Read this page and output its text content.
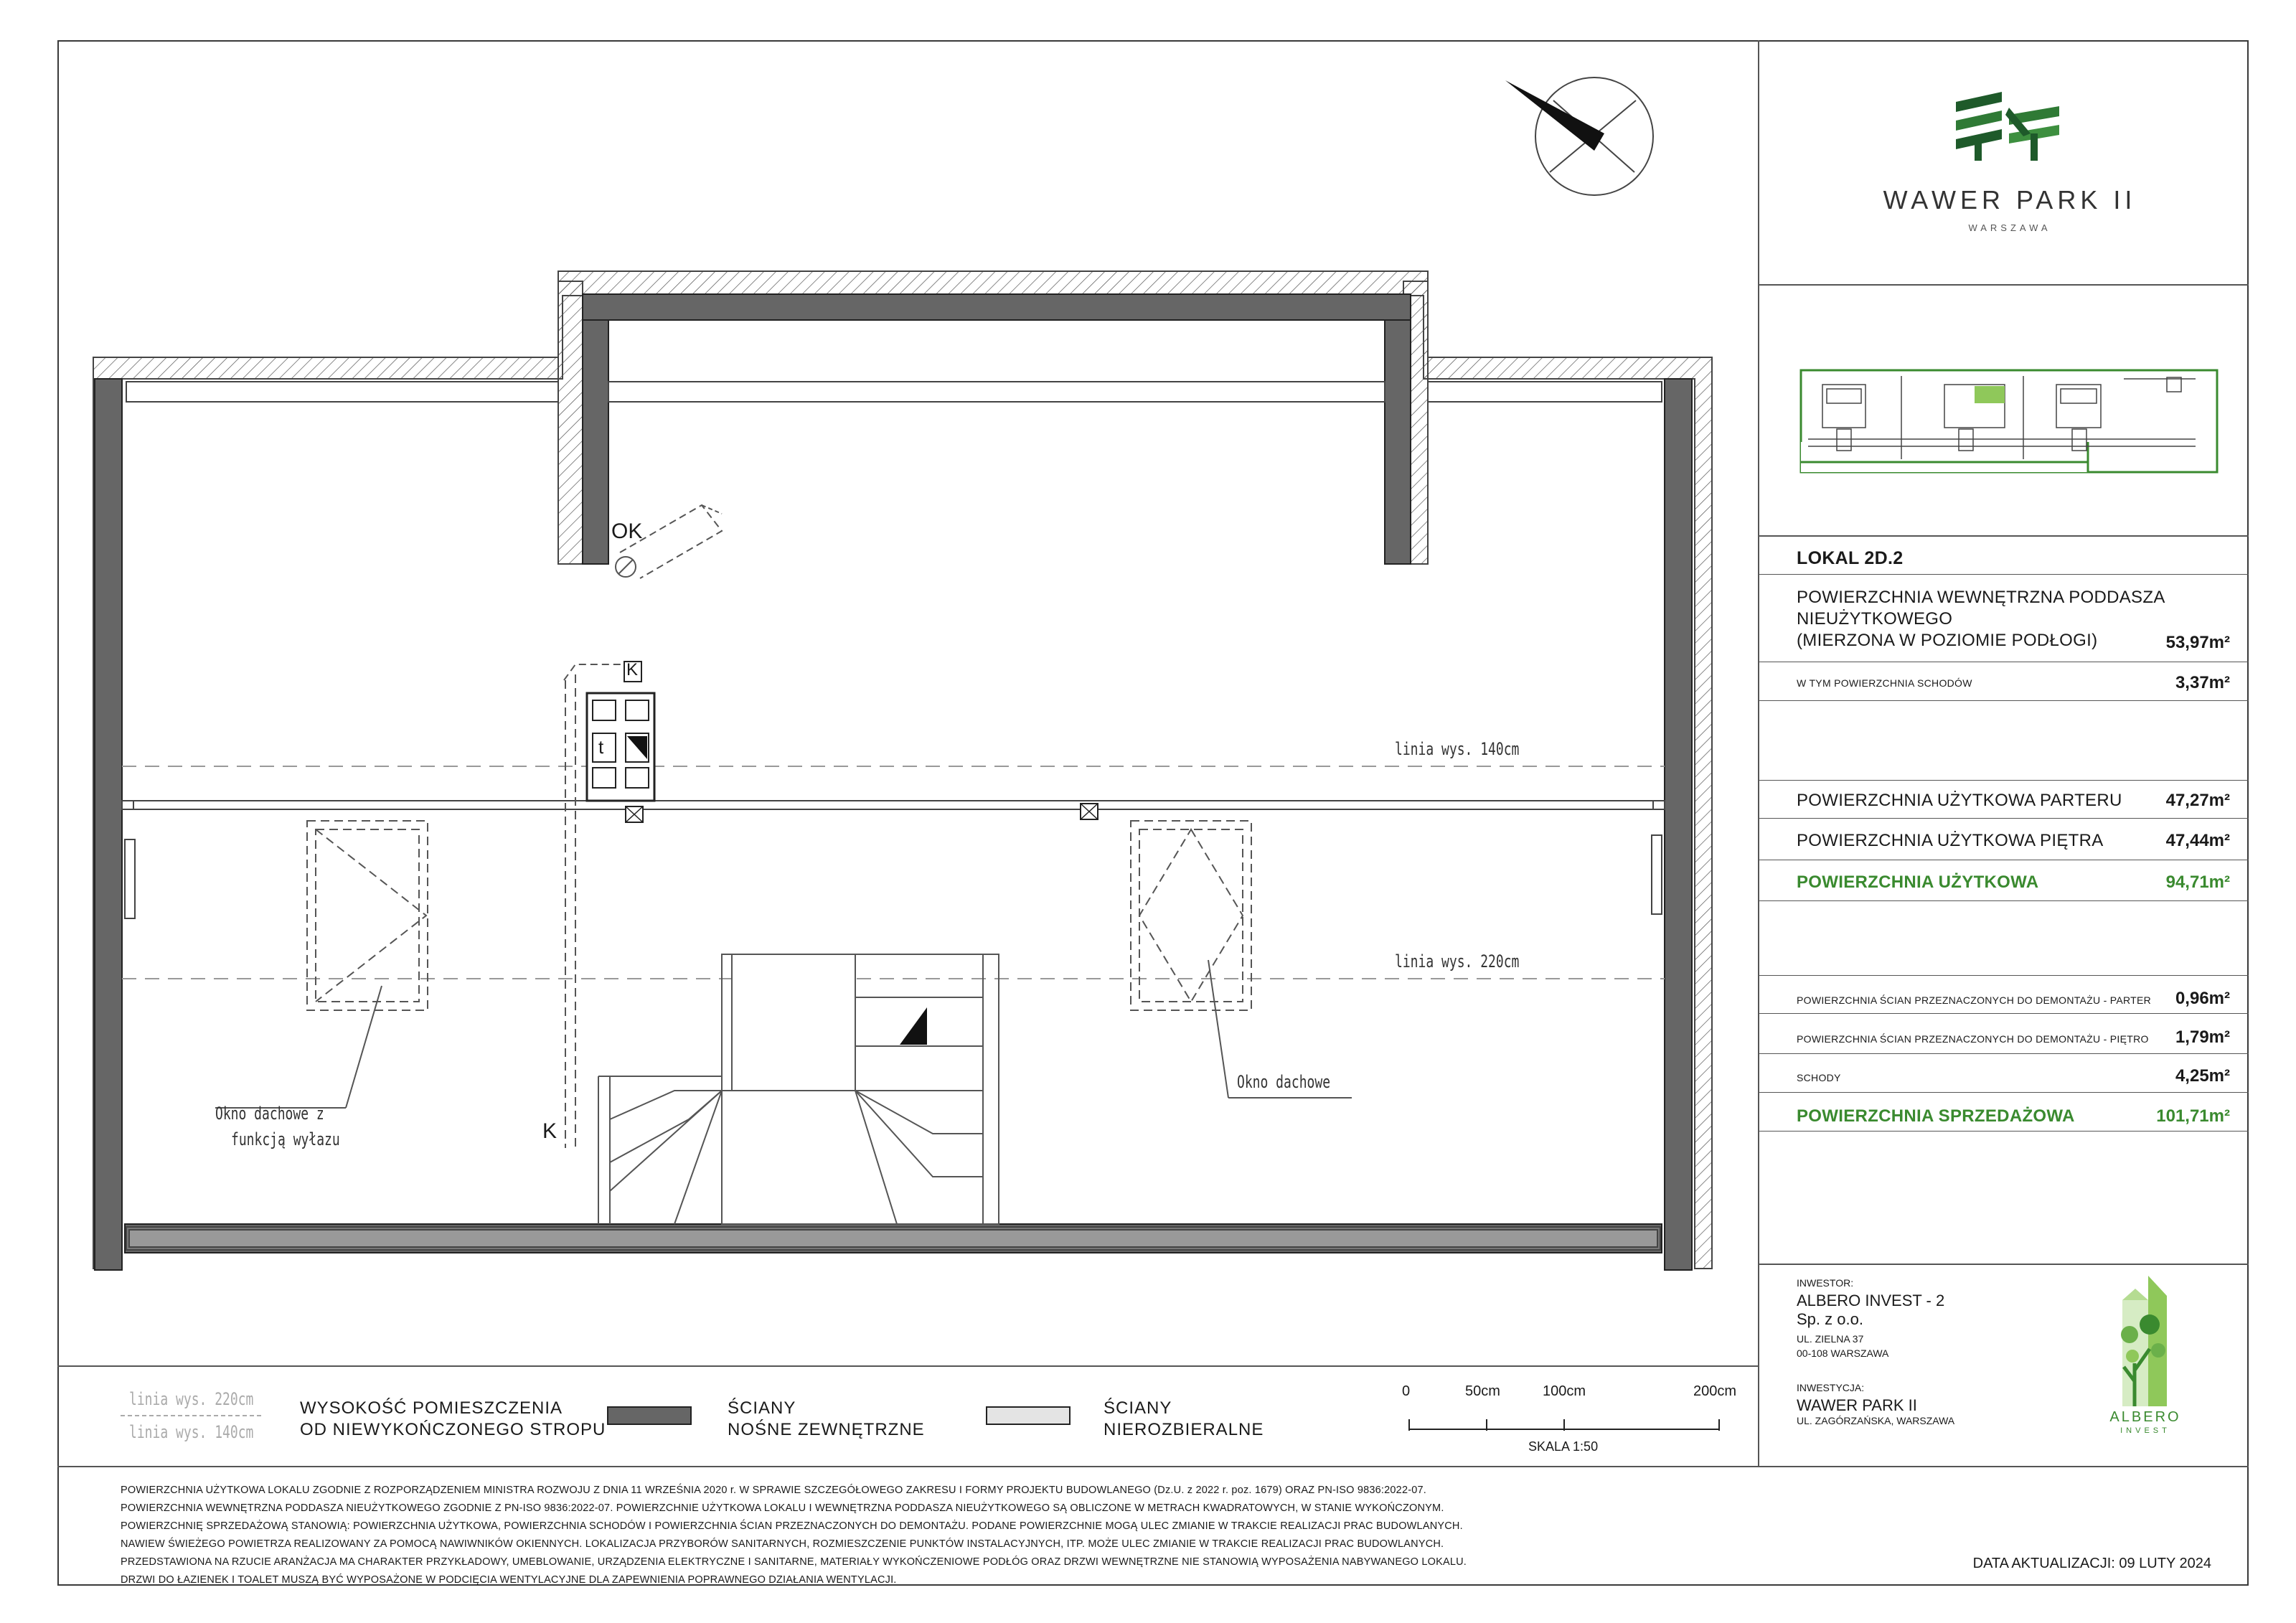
WAWER PARK II
WARSZAWA
LOKAL 2D.2
POWIERZCHNIA WEWNĘTRZNA PODDASZA
NIEUŻYTKOWEGO
(MIERZONA W POZIOMIE PODŁOGI)	53,97m²
W TYM POWIERZCHNIA SCHODÓW	3,37m²
POWIERZCHNIA UŻYTKOWA PARTERU	47,27m²
POWIERZCHNIA UŻYTKOWA PIĘTRA	47,44m²
POWIERZCHNIA UŻYTKOWA	94,71m²
POWIERZCHNIA ŚCIAN PRZEZNACZONYCH DO DEMONTAŻU - PARTER	0,96m²
POWIERZCHNIA ŚCIAN PRZEZNACZONYCH DO DEMONTAŻU - PIĘTRO	1,79m²
SCHODY	4,25m²
POWIERZCHNIA SPRZEDAŻOWA	101,71m²
INWESTOR:
ALBERO INVEST - 2
Sp. z o.o.
UL. ZIELNA 37
00-108 WARSZAWA
INWESTYCJA:
WAWER PARK II
UL. ZAGÓRZAŃSKA, WARSZAWA	ALBERO
INVEST
OK
K
t
K
linia wys. 140cm
linia wys. 220cm
Okno dachowe z
funkcją wyłazu
Okno dachowe
linia wys. 220cm
linia wys. 140cm
WYSOKOŚĆ POMIESZCZENIA
OD NIEWYKOŃCZONEGO STROPU
ŚCIANY
NOŚNE ZEWNĘTRZNE
ŚCIANY
NIEROZBIERALNE
0	50cm	100cm	200cm
SKALA 1:50
POWIERZCHNIA UŻYTKOWA LOKALU ZGODNIE Z ROZPORZĄDZENIEM MINISTRA ROZWOJU Z DNIA 11 WRZEŚNIA 2020 r. W SPRAWIE SZCZEGÓŁOWEGO ZAKRESU I FORMY PROJEKTU BUDOWLANEGO (Dz.U. z 2022 r. poz. 1679) ORAZ PN-ISO 9836:2022-07.
POWIERZCHNIA WEWNĘTRZNA PODDASZA NIEUŻYTKOWEGO ZGODNIE Z PN-ISO 9836:2022-07. POWIERZCHNIE UŻYTKOWA LOKALU I WEWNĘTRZNA PODDASZA NIEUŻYTKOWEGO SĄ OBLICZONE W METRACH KWADRATOWYCH, W STANIE WYKOŃCZONYM.
POWIERZCHNIĘ SPRZEDAŻOWĄ STANOWIĄ: POWIERZCHNIA UŻYTKOWA, POWIERZCHNIA SCHODÓW I POWIERZCHNIA ŚCIAN PRZEZNACZONYCH DO DEMONTAŻU. PODANE POWIERZCHNIE MOGĄ ULEC ZMIANIE W TRAKCIE REALIZACJI PRAC BUDOWLANYCH.
NAWIEW ŚWIEŻEGO POWIETRZA REALIZOWANY ZA POMOCĄ NAWIWNIKÓW OKIENNYCH. LOKALIZACJA PRZYBORÓW SANITARNYCH, ROZMIESZCZENIE PUNKTÓW INSTALACYJNYCH, ITP. MOŻE ULEC ZMIANIE W TRAKCIE REALIZACJI PRAC BUDOWLANYCH.
PRZEDSTAWIONA NA RZUCIE ARANŻACJA MA CHARAKTER PRZYKŁADOWY, UMEBLOWANIE, URZĄDZENIA ELEKTRYCZNE I SANITARNE, MATERIAŁY WYKOŃCZENIOWE PODŁÓG ORAZ DRZWI WEWNĘTRZNE NIE STANOWIĄ WYPOSAŻENIA NABYWANEGO LOKALU.
DRZWI DO ŁAZIENEK I TOALET MUSZĄ BYĆ WYPOSAŻONE W PODCIĘCIA WENTYLACYJNE DLA ZAPEWNIENIA POPRAWNEGO DZIAŁANIA WENTYLACJI.
DATA AKTUALIZACJI: 09 LUTY 2024
